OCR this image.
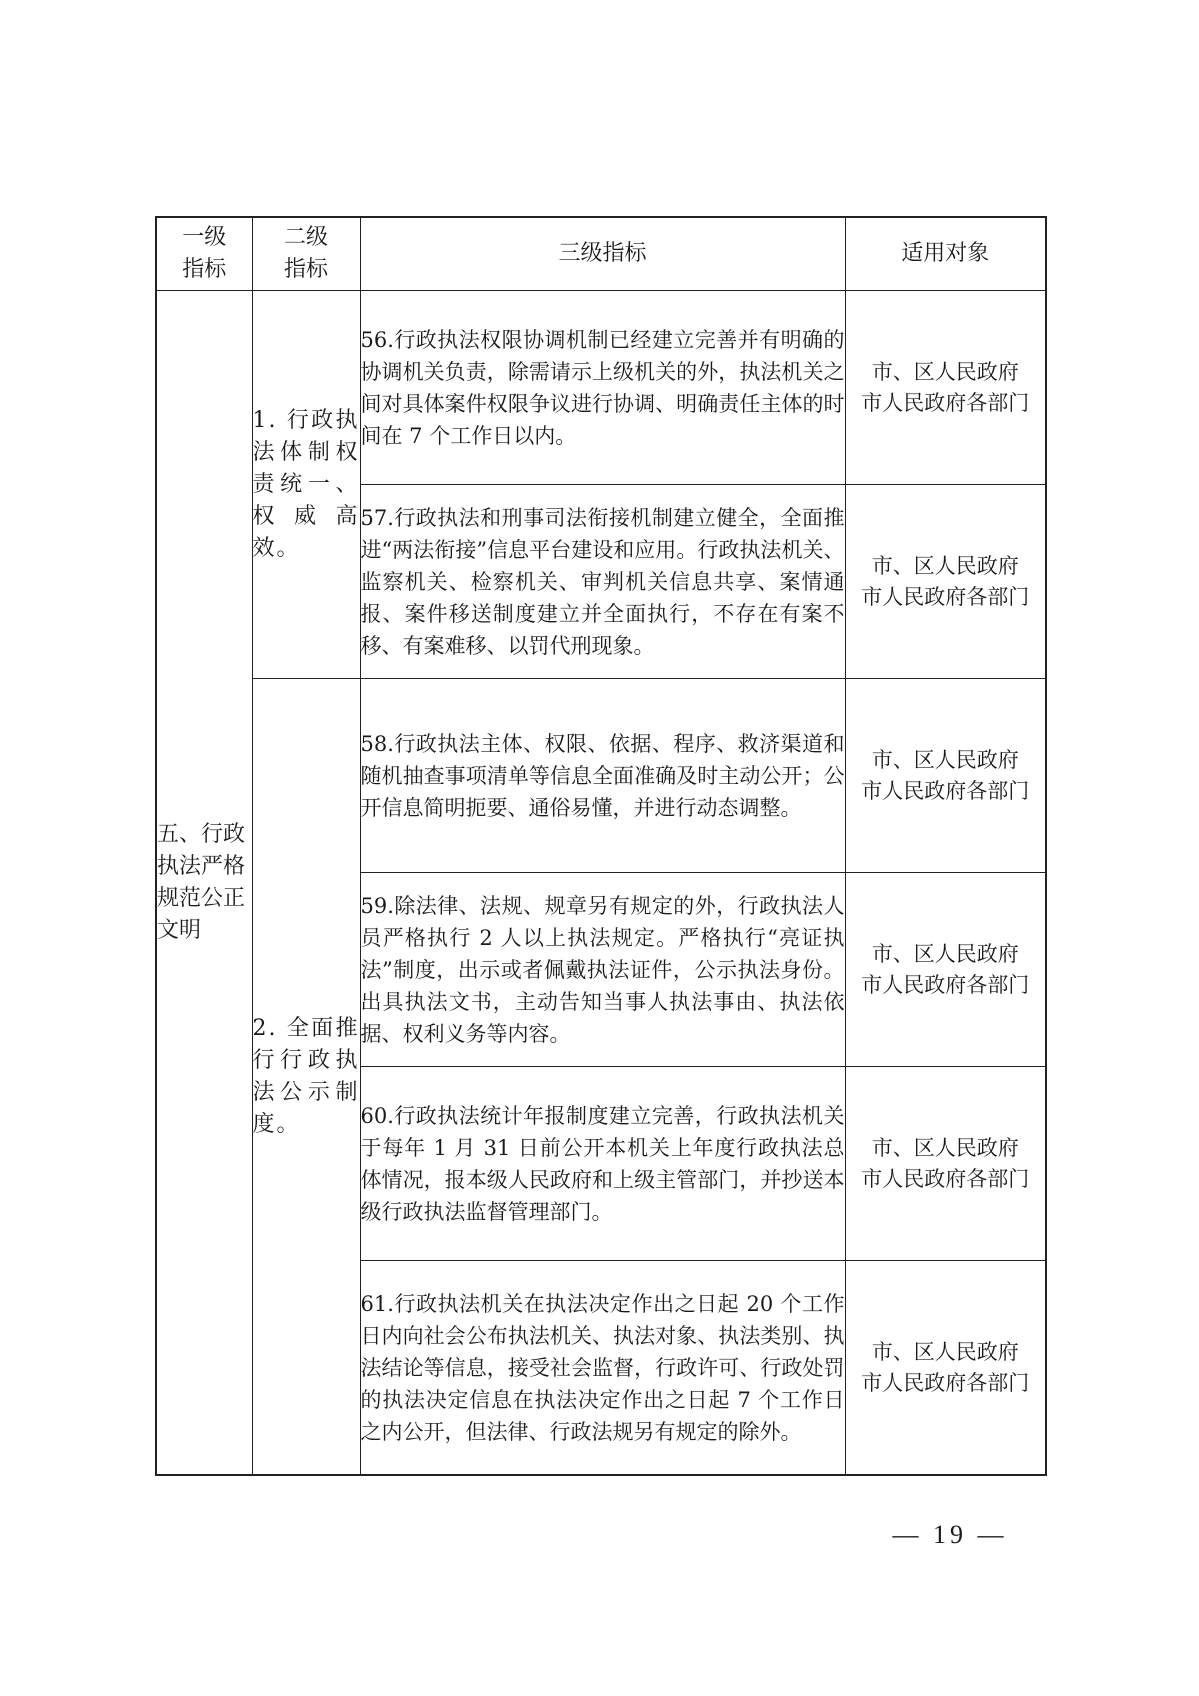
一级
指标	二级
指标	三级指标	适用对象
五、行政执法严格规范公正文明	1. 行政执法体制权责统一、权威高效。	56.行政执法权限协调机制已经建立完善并有明确的协调机关负责，除需请示上级机关的外，执法机关之间对具体案件权限争议进行协调、明确责任主体的时间在 7 个工作日以内。	市、区人民政府
市人民政府各部门

		57.行政执法和刑事司法衔接机制建立健全，全面推进“两法衔接”信息平台建设和应用。行政执法机关、监察机关、检察机关、审判机关信息共享、案情通报、案件移送制度建立并全面执行，不存在有案不移、有案难移、以罚代刑现象。	市、区人民政府
市人民政府各部门

	2. 全面推行行政执法公示制度。	58.行政执法主体、权限、依据、程序、救济渠道和随机抽查事项清单等信息全面准确及时主动公开；公开信息简明扼要、通俗易懂，并进行动态调整。	市、区人民政府
市人民政府各部门

		59.除法律、法规、规章另有规定的外，行政执法人员严格执行 2 人以上执法规定。严格执行“亮证执法”制度，出示或者佩戴执法证件，公示执法身份。出具执法文书，主动告知当事人执法事由、执法依据、权利义务等内容。	市、区人民政府
市人民政府各部门

		60.行政执法统计年报制度建立完善，行政执法机关于每年 1 月 31 日前公开本机关上年度行政执法总体情况，报本级人民政府和上级主管部门，并抄送本级行政执法监督管理部门。	市、区人民政府
市人民政府各部门

		61.行政执法机关在执法决定作出之日起 20 个工作日内向社会公布执法机关、执法对象、执法类别、执法结论等信息，接受社会监督，行政许可、行政处罚的执法决定信息在执法决定作出之日起 7 个工作日之内公开，但法律、行政法规另有规定的除外。	市、区人民政府
市人民政府各部门
— 19 —
